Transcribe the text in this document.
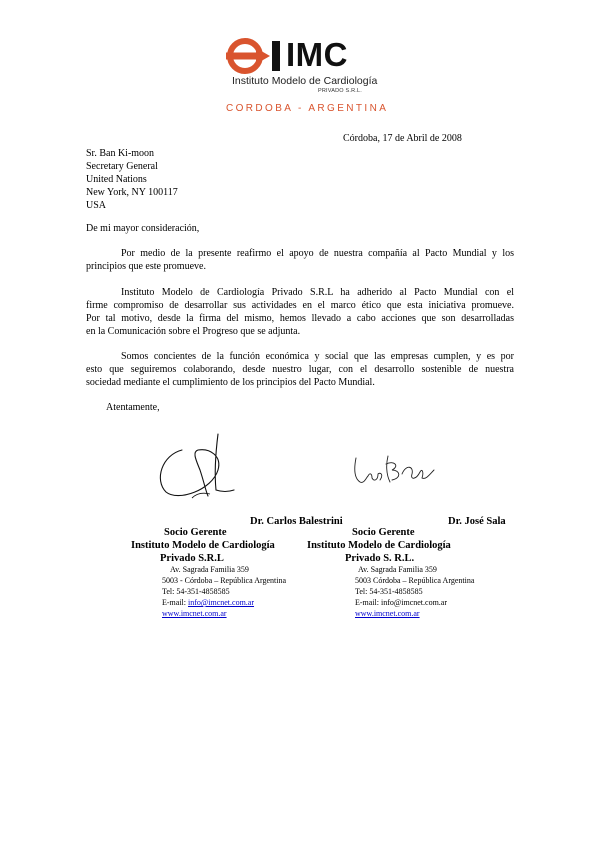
IMC
Instituto Modelo de Cardiología
PRIVADO S.R.L.
CORDOBA - ARGENTINA
Córdoba, 17 de Abril de 2008
Sr. Ban Ki-moon
Secretary General
United Nations
New York, NY 100117
USA
De mi mayor consideración,
Por medio de la presente reafirmo el apoyo de nuestra compañía al Pacto Mundial y los
principios que este promueve.
Instituto Modelo de Cardiología Privado S.R.L ha adherido al Pacto Mundial con el
firme compromiso de desarrollar sus actividades en el marco ético que esta iniciativa promueve.
Por tal motivo, desde la firma del mismo, hemos llevado a cabo acciones que son desarrolladas
en la Comunicación sobre el Progreso que se adjunta.
Somos concientes de la función económica y social que las empresas cumplen, y es por
esto que seguiremos colaborando, desde nuestro lugar, con el desarrollo sostenible de nuestra
sociedad mediante el cumplimiento de los principios del Pacto Mundial.
Atentamente,
Dr. Carlos Balestrini	Dr. José Sala
Socio Gerente
Instituto Modelo de Cardiología
Privado S.R.L
Av. Sagrada Familia 359
5003 - Córdoba – República Argentina
Tel: 54-351-4858585
E-mail: info@imcnet.com.ar
www.imcnet.com.ar
Socio Gerente
Instituto Modelo de Cardiología
Privado S. R.L.
Av. Sagrada Familia 359
5003 Córdoba – República Argentina
Tel: 54-351-4858585
E-mail: info@imcnet.com.ar
www.imcnet.com.ar
